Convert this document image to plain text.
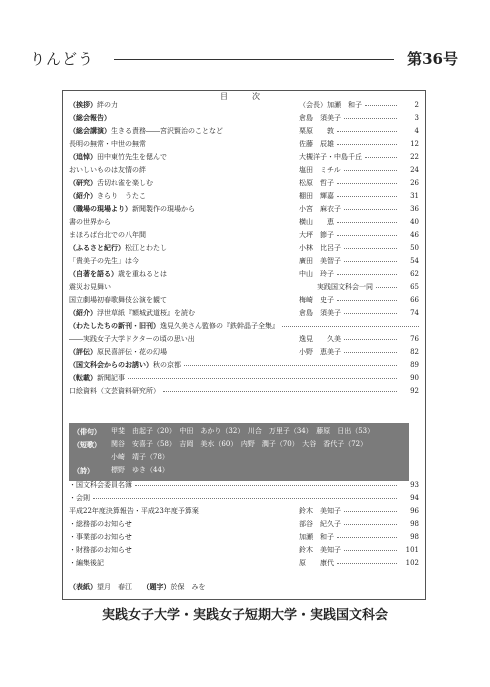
りんどう	第36号
目　次
（挨拶）絆の力	（会長）加瀬　和子	2
（総会報告）	倉島　須美子	3
（総会講演）生きる責務――宮沢賢治のことなど	栗原　　敦	4
長明の無常・中世の無常	佐藤　辰雄	12
（追悼）田中東竹先生を偲んで	大槻洋子・中島千丘	22
おいしいものは友情の絆	塩田　ミチル	24
（研究）舌切れ雀を楽しむ	松原　哲子	26
（紹介）きらり　うたこ	棚田　輝嘉	31
（職場の現場より）新聞製作の現場から	小宮　麻衣子	36
書の世界から	横山　　恵	40
まほろば台北での八年間	大坪　節子	46
（ふるさと紀行）松江とわたし	小林　比呂子	50
「貴美子の先生」は今	廣田　美智子	54
（自著を語る）歳を重ねるとは	中山　玲子	62
震災お見舞い	実践国文科会一同	65
国立劇場初春歌舞伎公演を観て	梅崎　史子	66
（紹介）浮世草紙『額城武道桜』を読む	倉島　須美子	74
（わたしたちの新刊・旧刊）逸見久美さん監修の『鉄幹晶子全集』
――実践女子大学ドクターの頃の思い出	逸見　　久美	76
（評伝）原民喜評伝・花の幻場	小野　恵美子	82
（国文科会からのお誘い）秋の京都	89
（転載）新聞記事	90
口絵資料（文芸資料研究所）	92
・国文科会委員名簿	93
・会則	94
平成22年度決算報告・平成23年度予算案	鈴木　美知子	96
・総務部のお知らせ	部谷　紀久子	98
・事業部のお知らせ	加瀬　和子	98
・財務部のお知らせ	鈴木　美知子	101
・編集後記	原　　康代	102
（俳句） 甲斐　由起子（20）　中田　あかり（32）　川合　万里子（34）　藤原　日出（53）
（短歌） 関谷　安喜子（58）　吉岡　美水（60）　内野　潤子（70）　大谷　香代子（72）
小崎　靖子（78）
（詩） 標野　ゆき（44）
（表紙）望月　春江　　 （題字）於保　みを
実践女子大学・実践女子短期大学・実践国文科会
